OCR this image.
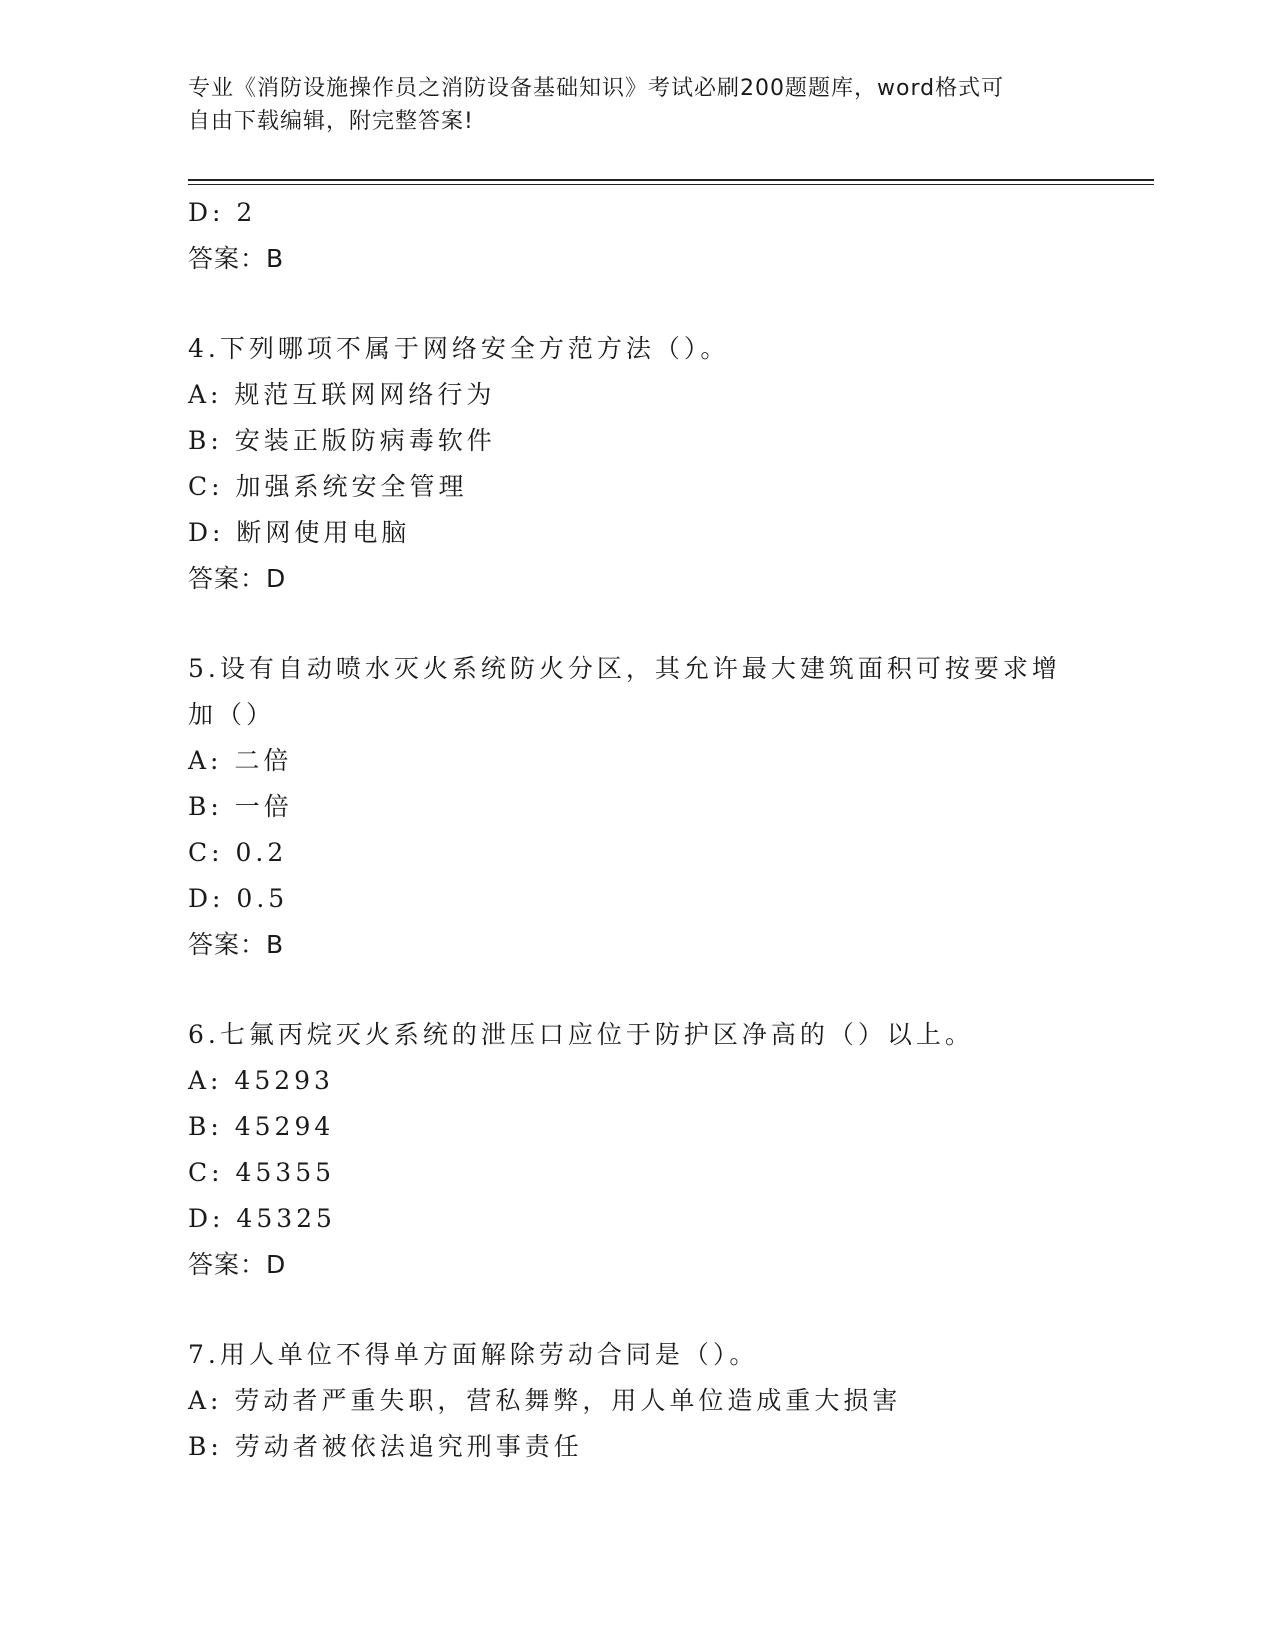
专业《消防设施操作员之消防设备基础知识》考试必刷200题题库，word格式可
自由下载编辑，附完整答案!
D: 2
答案：B
4.下列哪项不属于网络安全方范方法（）。
A: 规范互联网网络行为
B: 安装正版防病毒软件
C: 加强系统安全管理
D: 断网使用电脑
答案：D
5.设有自动喷水灭火系统防火分区，其允许最大建筑面积可按要求增
加（）
A: 二倍
B: 一倍
C: 0.2
D: 0.5
答案：B
6.七氟丙烷灭火系统的泄压口应位于防护区净高的（）以上。
A: 45293
B: 45294
C: 45355
D: 45325
答案：D
7.用人单位不得单方面解除劳动合同是（）。
A: 劳动者严重失职，营私舞弊，用人单位造成重大损害
B: 劳动者被依法追究刑事责任
